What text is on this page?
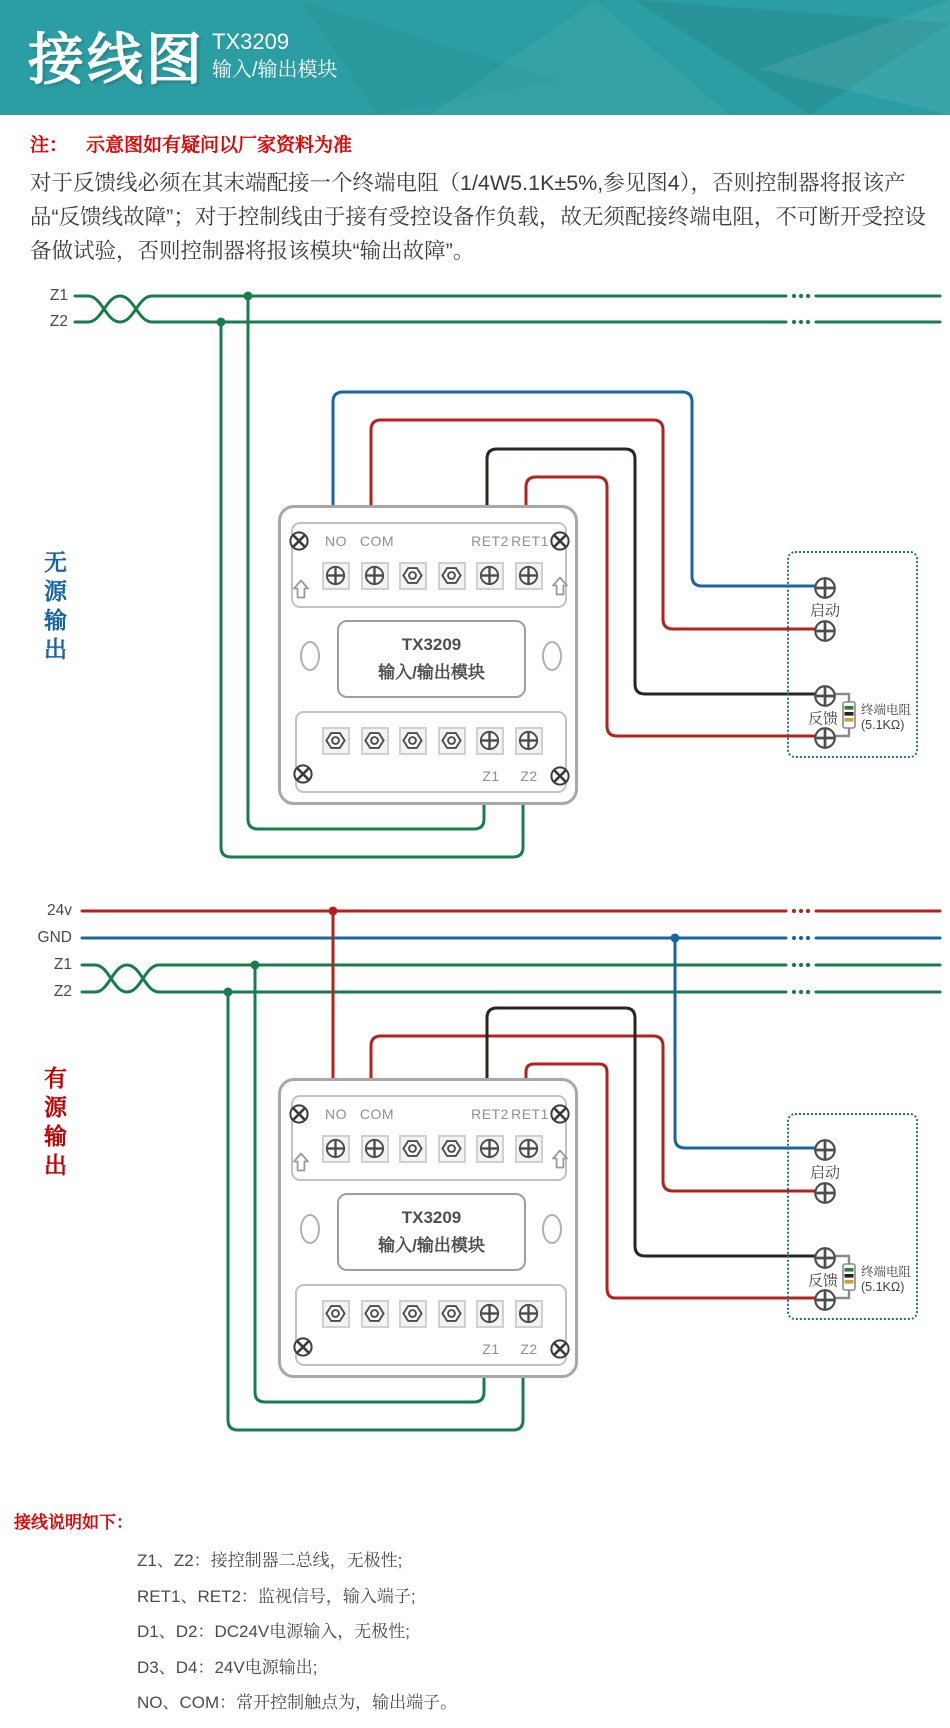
接线图 TX3209
输入/输出模块

注： 示意图如有疑问以厂家资料为准

对于反馈线必须在其末端配接一个终端电阻（1/4W5.1K±5%,参见图4），否则控制器将报该产品“反馈线故障”；对于控制线由于接有受控设备作负载，故无须配接终端电阻，不可断开受控设备做试验，否则控制器将报该模块“输出故障”。

Z1
Z2
24v
GND
Z1
Z2
无源输出
有源输出
NO COM	RET2 RET1
TX3209
输入/输出模块
Z1 Z2
启动
反馈
终端电阻
(5.1KΩ)
NO COM	RET2 RET1
TX3209
输入/输出模块
Z1 Z2
启动
反馈
终端电阻
(5.1KΩ)
接线说明如下：
Z1、Z2：接控制器二总线，无极性;
RET1、RET2：监视信号，输入端子;
D1、D2：DC24V电源输入，无极性;
D3、D4：24V电源输出;
NO、COM：常开控制触点为，输出端子。
